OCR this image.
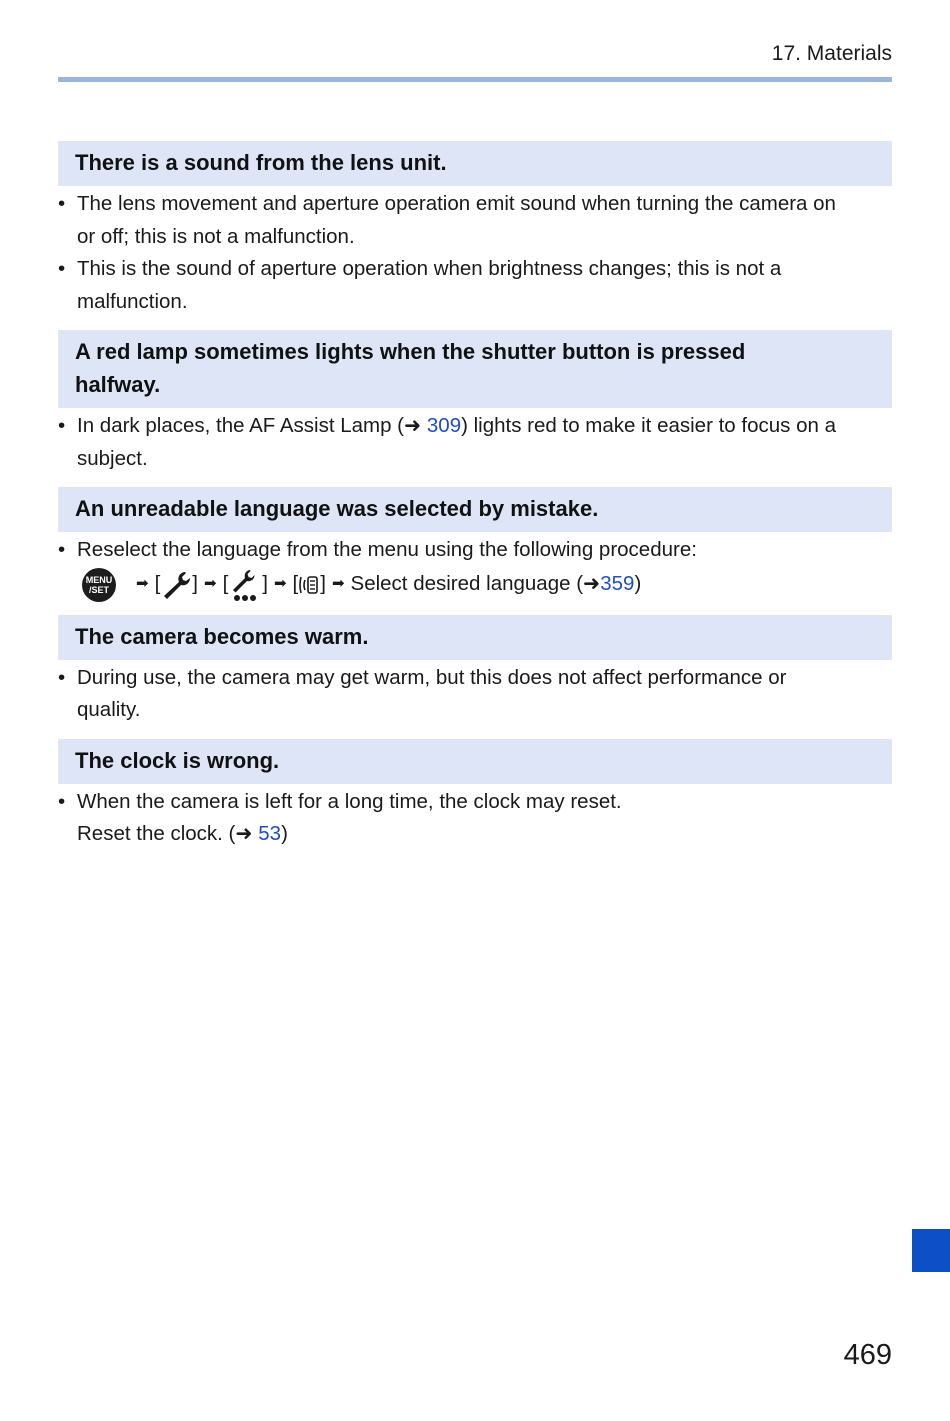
17. Materials
There is a sound from the lens unit.
• The lens movement and aperture operation emit sound when turning the camera on
or off; this is not a malfunction.
• This is the sound of aperture operation when brightness changes; this is not a
malfunction.
A red lamp sometimes lights when the shutter button is pressed
halfway.
• In dark places, the AF Assist Lamp (➜ 309) lights red to make it easier to focus on a
subject.
An unreadable language was selected by mistake.
• Reselect the language from the menu using the following procedure:
MENU
/SET ➡ [ ] ➡ [ ] ➡ [ ] ➡ Select desired language ( ➜ 359 )
The camera becomes warm.
• During use, the camera may get warm, but this does not affect performance or
quality.
The clock is wrong.
• When the camera is left for a long time, the clock may reset.
Reset the clock. (➜ 53)
469
